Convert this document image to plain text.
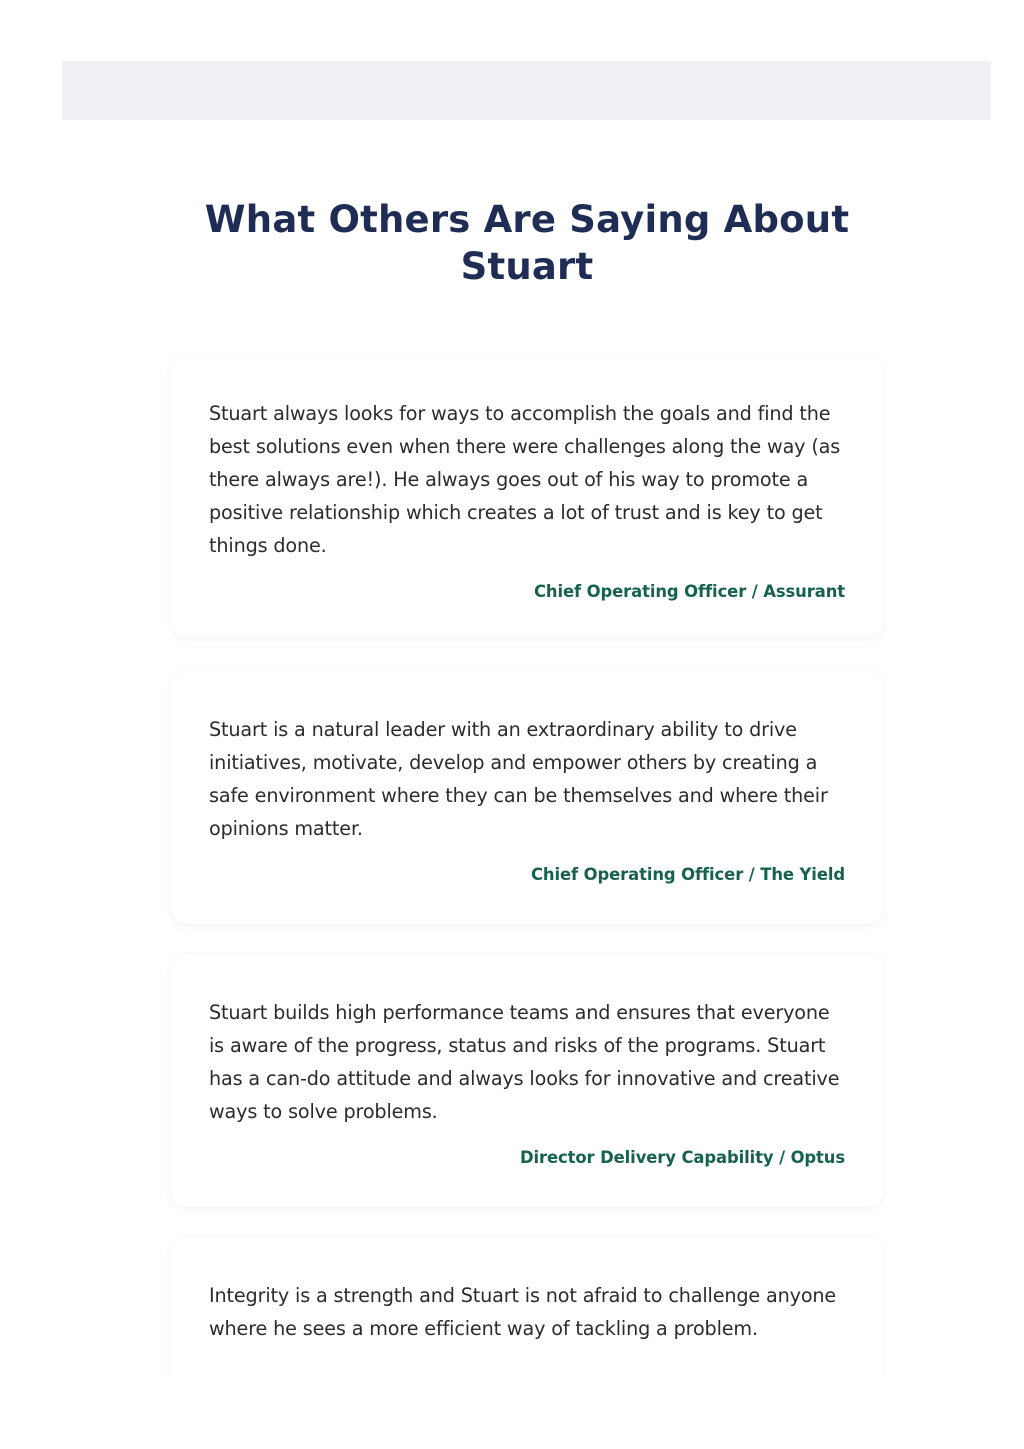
What Others Are Saying About Stuart

Stuart always looks for ways to accomplish the goals and find the best solutions even when there were challenges along the way (as there always are!). He always goes out of his way to promote a positive relationship which creates a lot of trust and is key to get things done.

Chief Operating Officer / Assurant

Stuart is a natural leader with an extraordinary ability to drive initiatives, motivate, develop and empower others by creating a safe environment where they can be themselves and where their opinions matter.

Chief Operating Officer / The Yield

Stuart builds high performance teams and ensures that everyone is aware of the progress, status and risks of the programs. Stuart has a can-do attitude and always looks for innovative and creative ways to solve problems.

Director Delivery Capability / Optus

Integrity is a strength and Stuart is not afraid to challenge anyone where he sees a more efficient way of tackling a problem.
